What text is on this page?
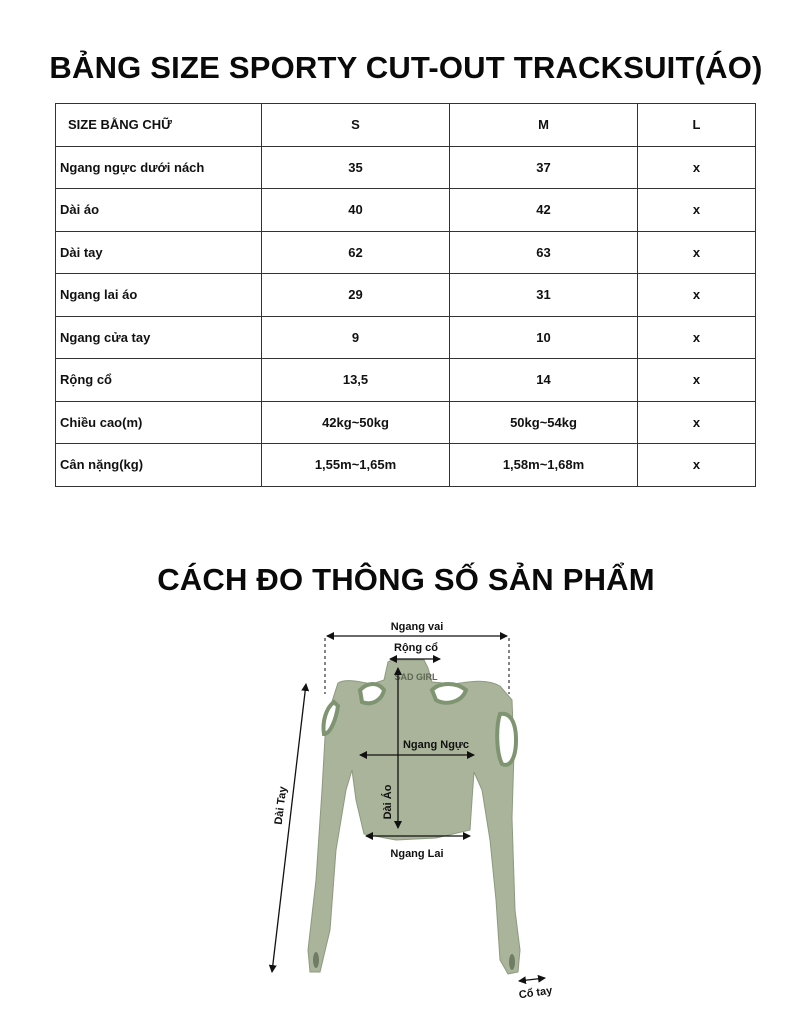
BẢNG SIZE SPORTY CUT-OUT TRACKSUIT(ÁO)
SIZE BẰNG CHỮ	S	M	L
Ngang ngực dưới nách	35	37	x
Dài áo	40	42	x
Dài tay	62	63	x
Ngang lai áo	29	31	x
Ngang cửa tay	9	10	x
Rộng cổ	13,5	14	x
Chiều cao(m)	42kg~50kg	50kg~54kg	x
Cân nặng(kg)	1,55m~1,65m	1,58m~1,68m	x
CÁCH ĐO THÔNG SỐ SẢN PHẨM
SAD GIRL
Ngang vai
Rộng cổ
Ngang Ngực
Dài Áo
Ngang Lai
Dài Tay
Cổ tay
